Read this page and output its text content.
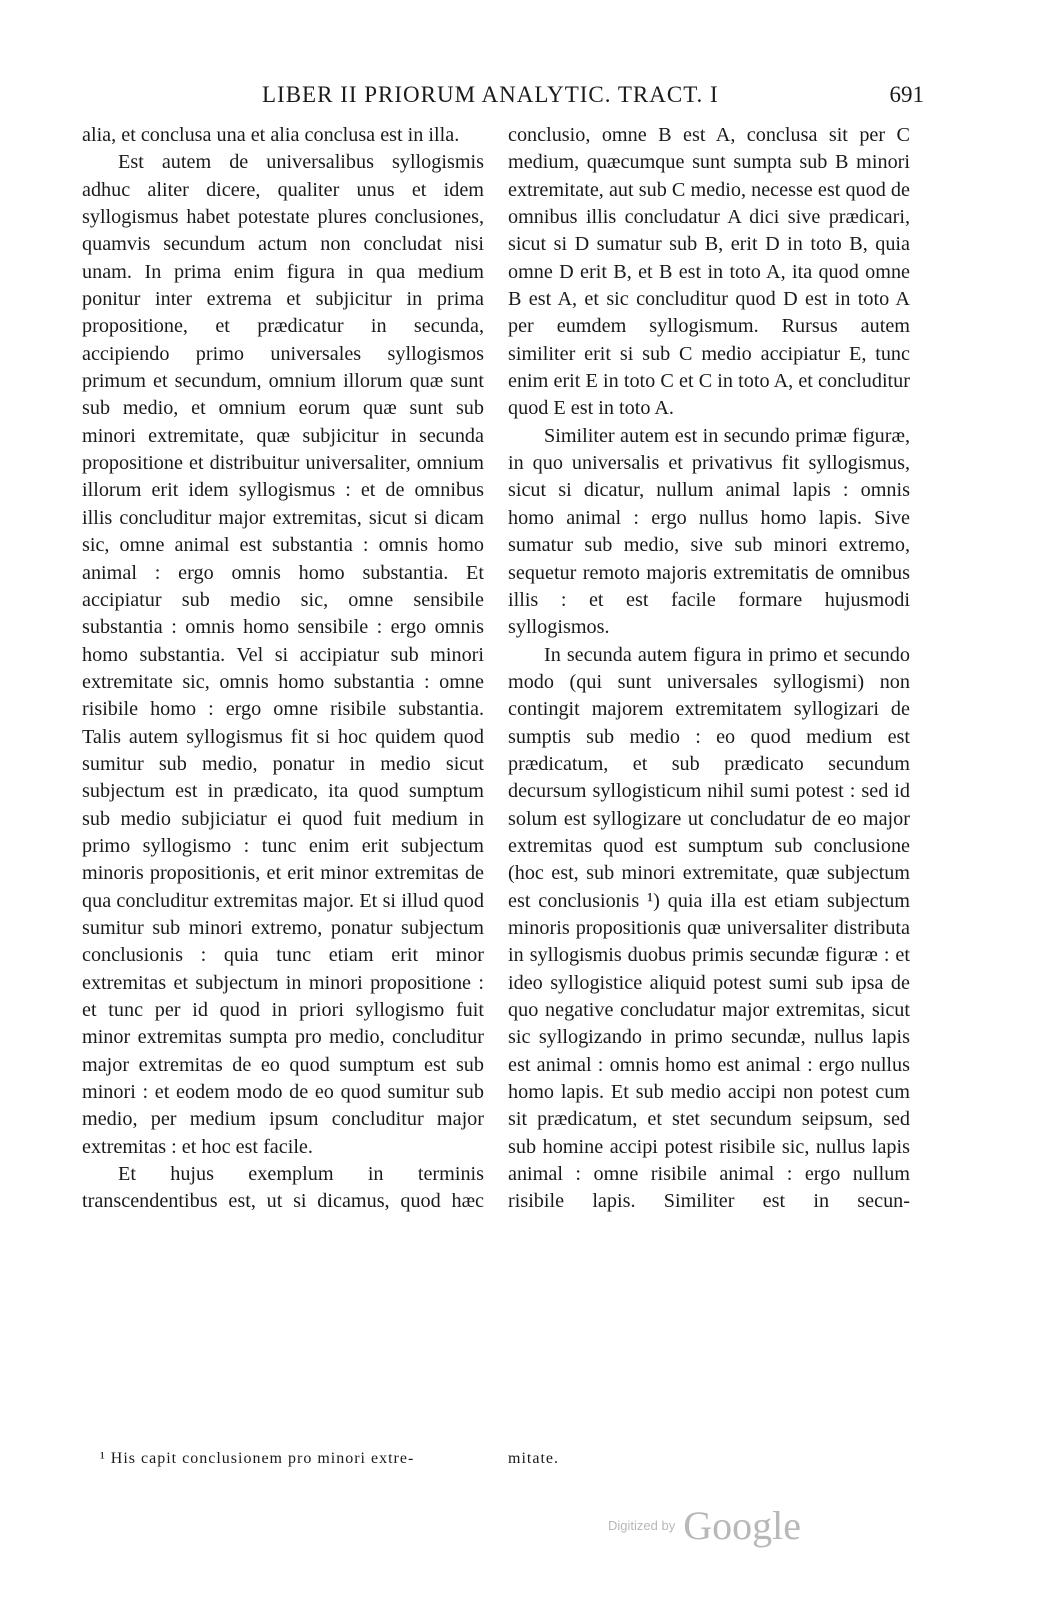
LIBER II PRIORUM ANALYTIC. TRACT. I	691

alia, et conclusa una et alia conclusa est in illa.

Est autem de universalibus syllogismis adhuc aliter dicere, qualiter unus et idem syllogismus habet potestate plures conclusiones, quamvis secundum actum non concludat nisi unam. In prima enim figura in qua medium ponitur inter extrema et subjicitur in prima propositione, et prædicatur in secunda, accipiendo primo universales syllogismos primum et secundum, omnium illorum quæ sunt sub medio, et omnium eorum quæ sunt sub minori extremitate, quæ subjicitur in secunda propositione et distribuitur universaliter, omnium illorum erit idem syllogismus : et de omnibus illis concluditur major extremitas, sicut si dicam sic, omne animal est substantia : omnis homo animal : ergo omnis homo substantia. Et accipiatur sub medio sic, omne sensibile substantia : omnis homo sensibile : ergo omnis homo substantia. Vel si accipiatur sub minori extremitate sic, omnis homo substantia : omne risibile homo : ergo omne risibile substantia. Talis autem syllogismus fit si hoc quidem quod sumitur sub medio, ponatur in medio sicut subjectum est in prædicato, ita quod sumptum sub medio subjiciatur ei quod fuit medium in primo syllogismo : tunc enim erit subjectum minoris propositionis, et erit minor extremitas de qua concluditur extremitas major. Et si illud quod sumitur sub minori extremo, ponatur subjectum conclusionis : quia tunc etiam erit minor extremitas et subjectum in minori propositione : et tunc per id quod in priori syllogismo fuit minor extremitas sumpta pro medio, concluditur major extremitas de eo quod sumptum est sub minori : et eodem modo de eo quod sumitur sub medio, per medium ipsum concluditur major extremitas : et hoc est facile.

Et hujus exemplum in terminis transcendentibus est, ut si dicamus, quod hæc

conclusio, omne B est A, conclusa sit per C medium, quæcumque sunt sumpta sub B minori extremitate, aut sub C medio, necesse est quod de omnibus illis concludatur A dici sive prædicari, sicut si D sumatur sub B, erit D in toto B, quia omne D erit B, et B est in toto A, ita quod omne B est A, et sic concluditur quod D est in toto A per eumdem syllogismum. Rursus autem similiter erit si sub C medio accipiatur E, tunc enim erit E in toto C et C in toto A, et concluditur quod E est in toto A.

Similiter autem est in secundo primæ figuræ, in quo universalis et privativus fit syllogismus, sicut si dicatur, nullum animal lapis : omnis homo animal : ergo nullus homo lapis. Sive sumatur sub medio, sive sub minori extremo, sequetur remoto majoris extremitatis de omnibus illis : et est facile formare hujusmodi syllogismos.

In secunda autem figura in primo et secundo modo (qui sunt universales syllogismi) non contingit majorem extremitatem syllogizari de sumptis sub medio : eo quod medium est prædicatum, et sub prædicato secundum decursum syllogisticum nihil sumi potest : sed id solum est syllogizare ut concludatur de eo major extremitas quod est sumptum sub conclusione (hoc est, sub minori extremitate, quæ subjectum est conclusionis ¹) quia illa est etiam subjectum minoris propositionis quæ universaliter distributa in syllogismis duobus primis secundæ figuræ : et ideo syllogistice aliquid potest sumi sub ipsa de quo negative concludatur major extremitas, sicut sic syllogizando in primo secundæ, nullus lapis est animal : omnis homo est animal : ergo nullus homo lapis. Et sub medio accipi non potest cum sit prædicatum, et stet secundum seipsum, sed sub homine accipi potest risibile sic, nullus lapis animal : omne risibile animal : ergo nullum risibile lapis. Similiter est in secun-

¹ His capit conclusionem pro minori extre-	mitate.
Digitized by Google
